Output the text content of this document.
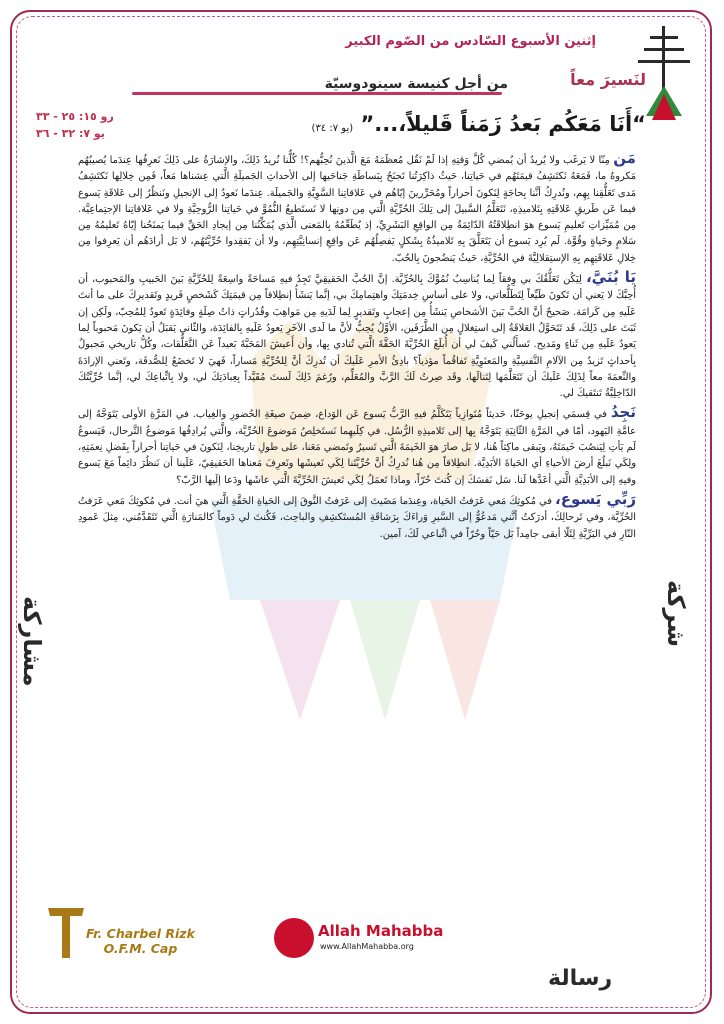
إثنين الأسبوع السّادس من الصّوم الكبير
لنَسيرَ معاً
من أجل كنيسة سينودوسيّة
رو ١٥: ٢٥ - ٣٣
يو ٧: ٣٢ - ٣٦	“أَنَا مَعَكُم بَعدُ زَمَناً قَليلاً،...” (يو ٧: ٣٤)

مَن مِنّا لا يَرغَب ولا يُريدُ أن يُمضي كُلَّ وَقتِهِ إذا لَمْ نَقُل مُعظَمَهُ مَعَ الَّذينَ نُحِبُّهم؟! كُلُّنا نُريدُ ذَلِكَ، والإشارَةُ على ذَلِكَ نَعرِفُها عِندَما يُصيبُهُم مَكروهٌ ما، فَمَعَهُ نَكتَشِفُ قيمَتَهُم في حَياتِنا، حَيثُ ذاكِرَتُنا تَجنَحُ بِبَساطَةِ جَناحَيها إلى الأحداثِ الجَميلَةِ الَّتي عِشناها مَعاً، فَمِن خِلالِها نَكتَشِفُ مَدى تَعَلُّقِنا بِهِم، ونُدرِكُ أنَّنا بِحاجَةٍ لِنَكونَ أحراراً ومُحَرِّرينَ إيّاهُم في عَلاقاتِنا السَّوِيَّةِ والجَميلَة. عِندَما نَعودُ إلى الإنجيلِ ونَنظُرُ إلى عَلاقَةِ يَسوع فيما عَن طَريقِ عَلاقَتِهِ بِتَلاميذِهِ، نَتَعَلَّمُ السَّبيلَ إلى تِلكَ الحُرِّيَّةِ الَّتي مِن دونِها لا نَستَطيعُ النُّمُوَّ في حَياتِنا الرُّوحِيَّةِ ولا في عَلاقاتِنا الإجتِماعِيَّة. مِن مُمَيِّزاتِ تَعليمِ يَسوع هوَ انطِلاقَتُهُ الدّائِمَةُ مِن الواقِعِ البَشَرِيِّ، إذ يُطَعِّمُهُ بِالمَعنى الَّذي يُمَكِّنُنا مِن إيجادِ الحَقِّ فيما يَمنَحُنا إيّاهُ تَعليمُهُ مِن سَلامٍ وحَياةٍ وقُوَّة. لَم يُرِد يَسوع أن يَتَعَلَّقَ بِهِ تَلاميذُهُ بِشَكلٍ يَفصِلُهُم عَن واقِعِ إنسانِيَّتِهِم، ولا أن يَفقِدوا حُرِّيَّتَهُم، لا بَل أرادَهُم أن يَعرِفوا مِن خِلالِ عَلاقَتِهِم بِهِ الإستِقلالِيَّةَ في الحُرِّيَّةِ، حَيثُ يَنضُجونَ بِالحُبّ.

يَا بُنَيَّ، لِيَكُن تَعَلُّقُكَ بي وِفقاً لِما يُناسِبُ نُمُوَّكَ بِالحُرِّيَّة. إنَّ الحُبَّ الحَقيقِيَّ تَجِدُ فيهِ مَساحَةً واسِعَةً لِلحُرِّيَّةِ بَينَ الحَبيبِ والمَحبوب، أن أُحِبَّكَ لا يَعني أن تَكونَ طَيِّعاً لِتَطَلُّعاتي، ولا على أساسِ خِدمَتِكَ واهتِمامِكَ بي، إنَّما يَنشَأُ إنطِلاقاً مِن قيمَتِكَ كَشَخصٍ فَريدٍ وتَقديرِكَ على ما أنتَ عَلَيهِ مِن كَرامَة. صَحيحٌ أنَّ الحُبَّ بَينَ الأشخاصِ يَنشَأُ مِن إعجابٍ وتَقديرٍ لِما لَدَيهِ مِن مَواهِبَ وقُدُراتٍ ذاتُ صِلَةٍ وفائِدَةٍ تَعودُ لِلمُحِبّ، ولَكِن إن ثَبَتَ على ذَلِكَ، قَد تَتَحَوَّلُ العَلاقَةُ إلى استِغلالٍ مِن الطَّرَفَين، الأوَّلُ يُحِبُّ لأنَّ ما لَدى الآخَرِ يَعودُ عَلَيهِ بِالفائِدَة، والثّاني يَقبَلُ أن يَكونَ مَحبوباً لِما يَعودُ عَلَيهِ مِن ثَناءٍ ومَديح. تَسأَلُني كَيفَ لي أن أُبلَغَ الحُرِّيَّةَ الحَقَّةَ الَّتي تُنادي بِها، وأن أَعيشَ المَحَبَّةَ بَعيداً عَن التَّعَلُّقات، وكُلُّ تاريخي مَجبولٌ بِأحداثٍ تَزيدُ مِن الآلامِ النَّفسِيَّةِ والمَعنَوِيَّةِ تَفاقُماً مؤذياً؟ بادِئُ الأمرِ عَلَيكَ أن تُدرِكَ أنَّ لِلحُرِّيَّةِ مَساراً، فَهيَ لا تَخضَعُ لِلصُّدفَة، وتَعني الإرادَةَ والنِّعمَةَ معاً لِذَلِكَ عَلَيكَ أن تَتَعَلَّمَها لِتَنالَها، وقَد صِرتُ لَكَ الرَّبَّ والمُعَلِّم، ورُغمَ ذَلِكَ لَستَ مُقَيَّداً بِعِبادَتِكَ لي، ولا بِاتِّباعِكَ لي، إنَّما حُرِّيَّتُكَ الدّاخِلِيَّةُ تَنتَقيكَ لي.

نَجِدُ في قِسمَي إنجيلِ يوحَنّا، حَديثاً مُتَوازِياً يَتَكَلَّمُ فيهِ الرَّبُّ يَسوع عَن الوَداع، ضِمنَ صيغَةِ الحُضورِ والغِياب. في المَرَّةِ الأولى يَتَوَجَّهُ إلى عامَّةِ اليَهود، أمّا في المَرَّةِ الثّانِيَةِ يَتَوَجَّهُ بِها إلى تَلاميذِهِ الرُّسُل. في كِلَيهِما نَستَخلِصُ مَوضوعَ الحُرِّيَّة، والَّتي يُرادِفُها مَوضوعُ التَّرحال، فَيَسوعُ لَم يَأتِ لِيَنصُبَ خَيمَتَهُ، ويَبقى ماكِثاً هُنا، لا بَل صارَ هوَ الخَيمَةَ الَّتي تَسيرُ وتَمضي مَعَنا، على طولِ تاريخِنا، لِنَكونَ في حَياتِنا أحراراً بِفَضلِ نِعمَتِهِ، ولِكَي نَبلُغَ أرضَ الأحياءِ أي الحَياةَ الأبَدِيَّة. انطِلاقاً مِن هُنا نُدرِكُ أنَّ حُرِّيَّتَنا لِكَي نَعيشَها ونَعرِفَ مَعناها الحَقيقِيّ، عَلَينا أن نَنظُرَ دائِماً مَعَ يَسوع وفيهِ إلى الأبَدِيَّةِ الَّتي أعَدَّها لَنا. سَل نَفسَكَ إن كُنتَ حُرّاً، وماذا تَعمَلُ لِكَي تَعيشَ الحُرِّيَّةَ الَّتي عاشَها ودَعا إلَيها الرَّبّ؟

رَبِّي يَسوع، في مُكوثِكَ مَعي عَرَفتُ الحَياة، وعِندَما مَضَيتَ إلى عَرَفتُ التَّوقَ إلى الحَياةِ الحَقَّةِ الَّتي هيَ أنت. في مُكوثِكَ مَعي عَرَفتُ الحُرِّيَّة، وفي تَرحالِكَ، أدرَكتُ أنَّني مَدعُوٌّ إلى السَّيرِ وَراءَكَ بِرَشاقَةِ المُستَكشِفِ والباحِث، فَكُنتَ لي دَوماً كالمَنارَةِ الَّتي تَتَقَدَّمُني، مِثلَ عَمودِ النّارِ في البَرِّيَّةِ لِئَلّا أبقى جامِداً بَل حَيّاً وحُرّاً في اتِّباعي لَكَ، آمين.

شركة
مشاركة
رسالة
Fr. Charbel Rizk
O.F.M. Cap
Allah Mahabba
www.AllahMahabba.org
